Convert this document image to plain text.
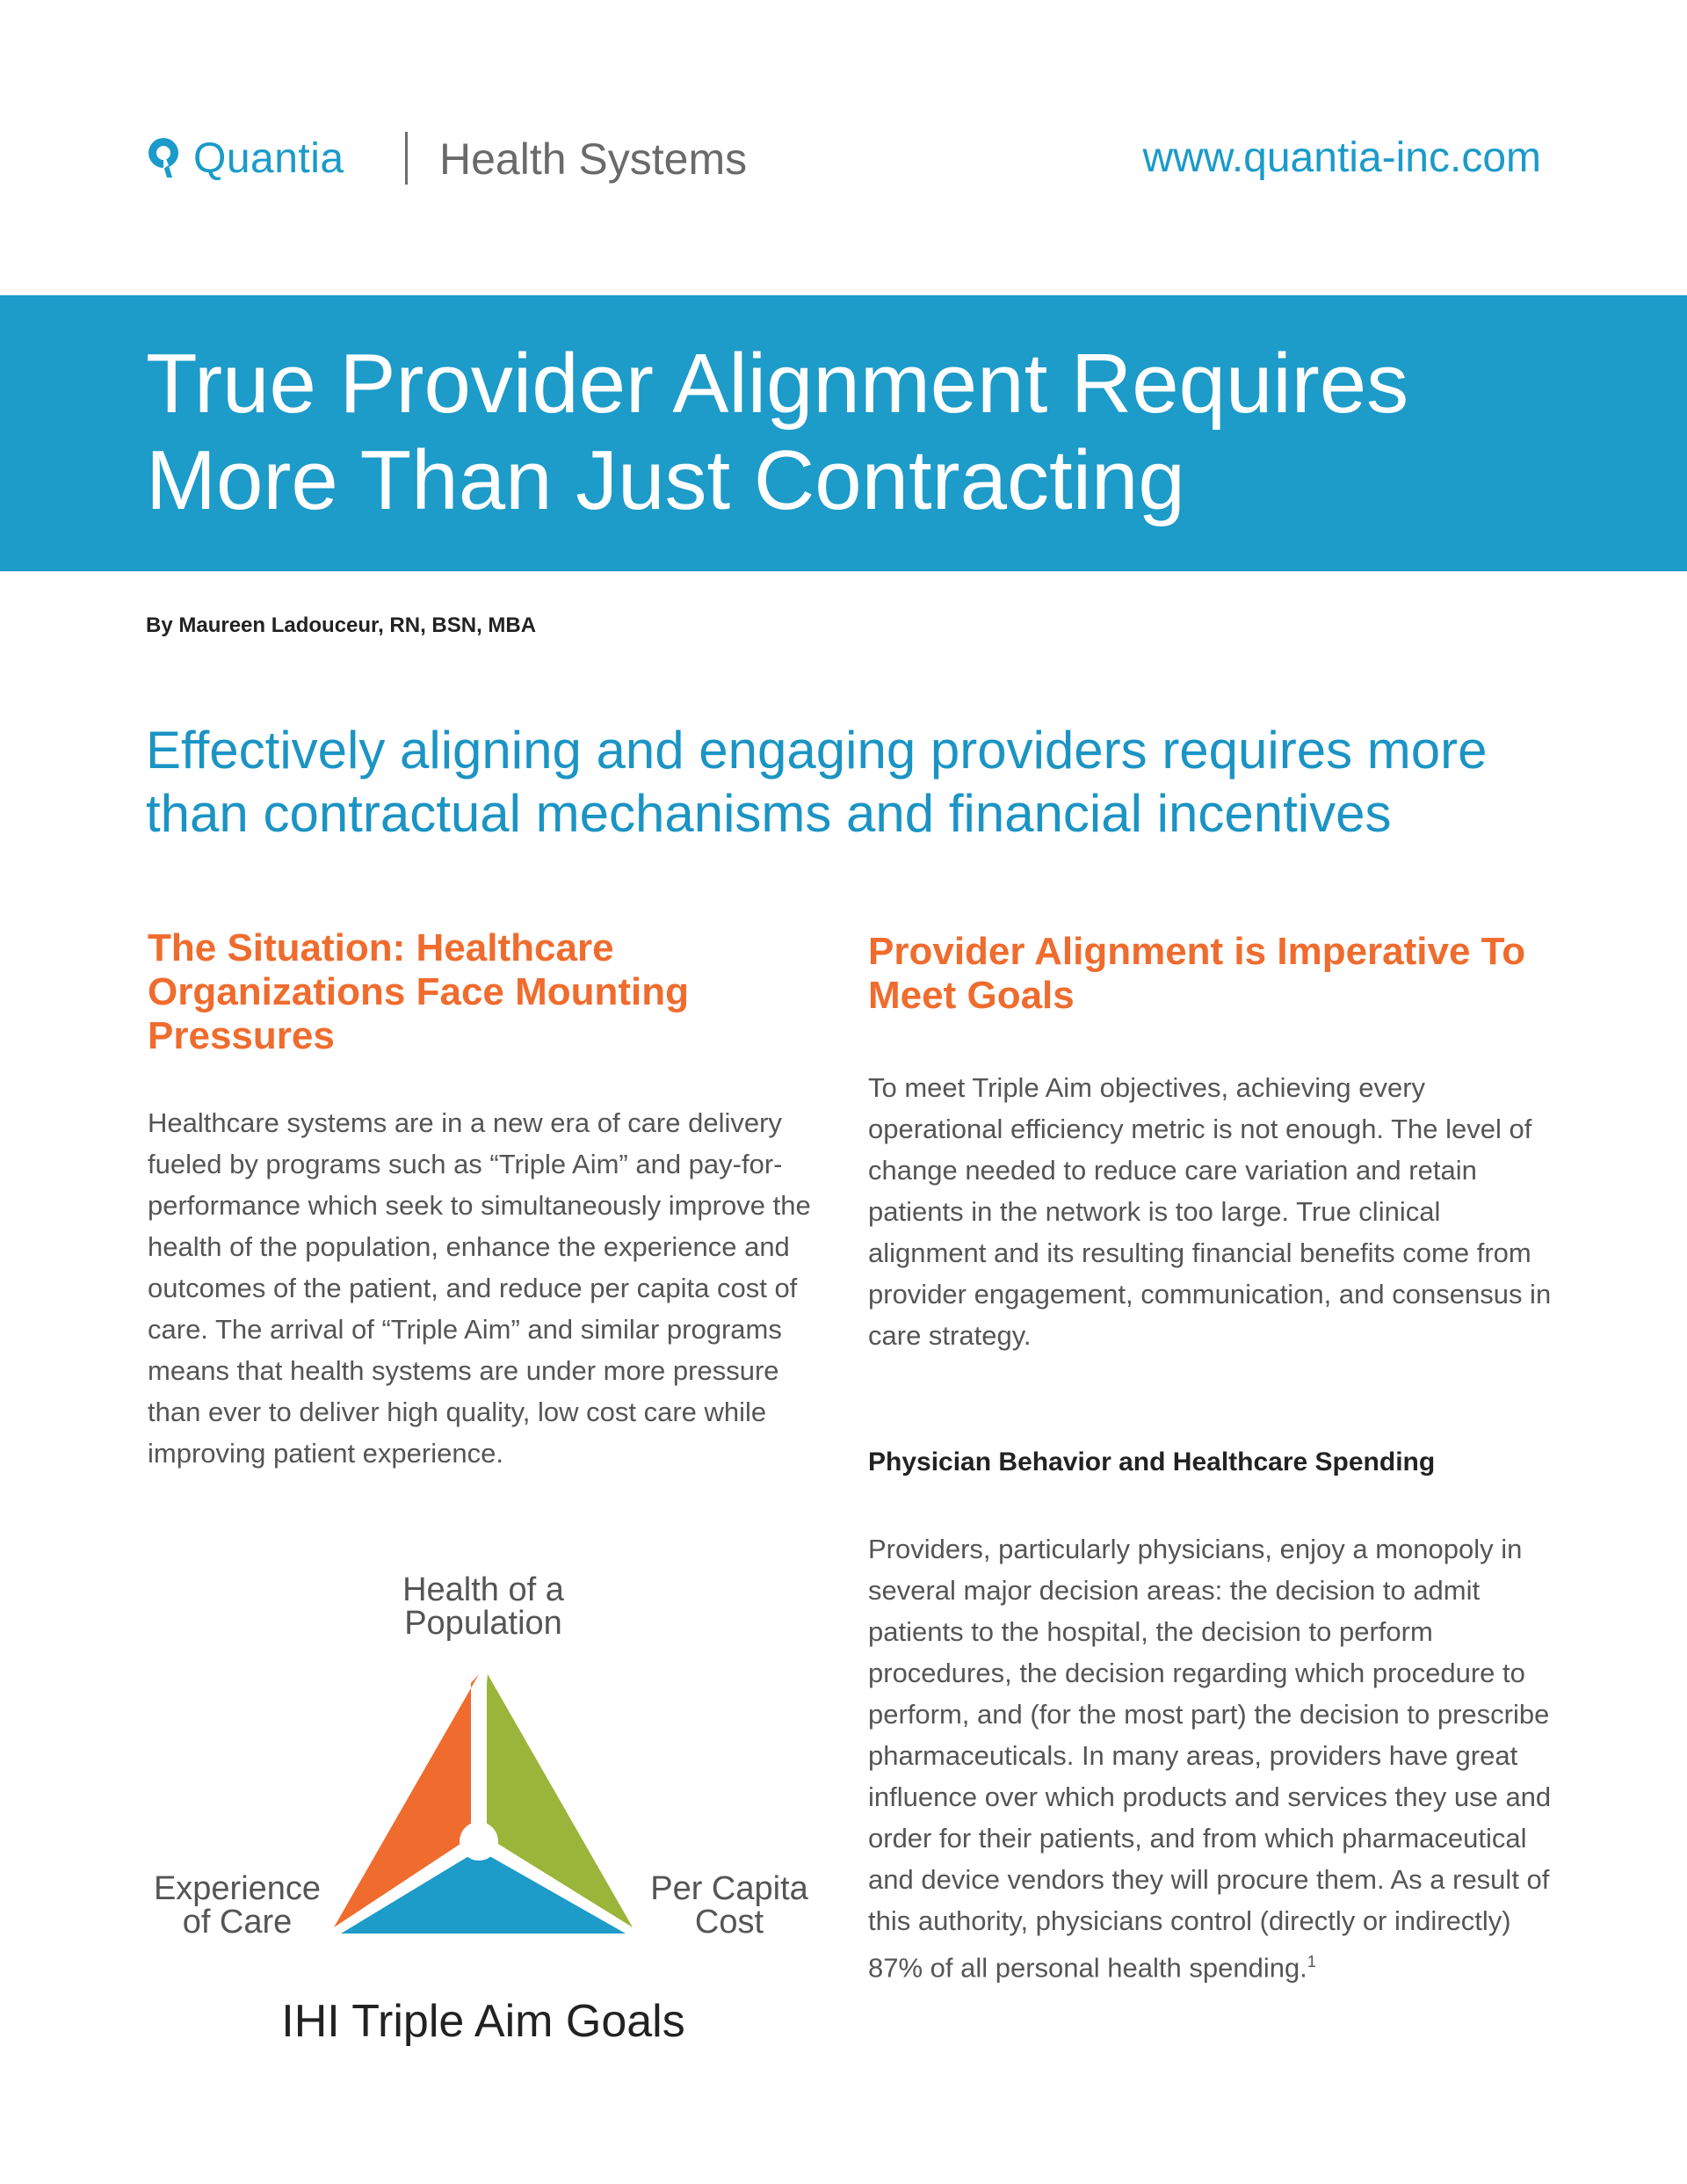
Quantia Health Systems	www.quantia-inc.com
True Provider Alignment Requires
More Than Just Contracting
By Maureen Ladouceur, RN, BSN, MBA
Effectively aligning and engaging providers requires more than contractual mechanisms and financial incentives
The Situation: Healthcare Organizations Face Mounting Pressures

Healthcare systems are in a new era of care delivery fueled by programs such as “Triple Aim” and pay-for-performance which seek to simultaneously improve the health of the population, enhance the experience and outcomes of the patient, and reduce per capita cost of care. The arrival of “Triple Aim” and similar programs means that health systems are under more pressure than ever to deliver high quality, low cost care while improving patient experience.

Provider Alignment is Imperative To Meet Goals

To meet Triple Aim objectives, achieving every operational efficiency metric is not enough. The level of change needed to reduce care variation and retain patients in the network is too large. True clinical alignment and its resulting financial benefits come from provider engagement, communication, and consensus in care strategy.

Physician Behavior and Healthcare Spending

Providers, particularly physicians, enjoy a monopoly in several major decision areas: the decision to admit patients to the hospital, the decision to perform procedures, the decision regarding which procedure to perform, and (for the most part) the decision to prescribe pharmaceuticals. In many areas, providers have great influence over which products and services they use and order for their patients, and from which pharmaceutical and device vendors they will procure them. As a result of this authority, physicians control (directly or indirectly) 87% of all personal health spending.$^1$

Health of a
Population
Experience
of Care
Per Capita
Cost
IHI Triple Aim Goals
